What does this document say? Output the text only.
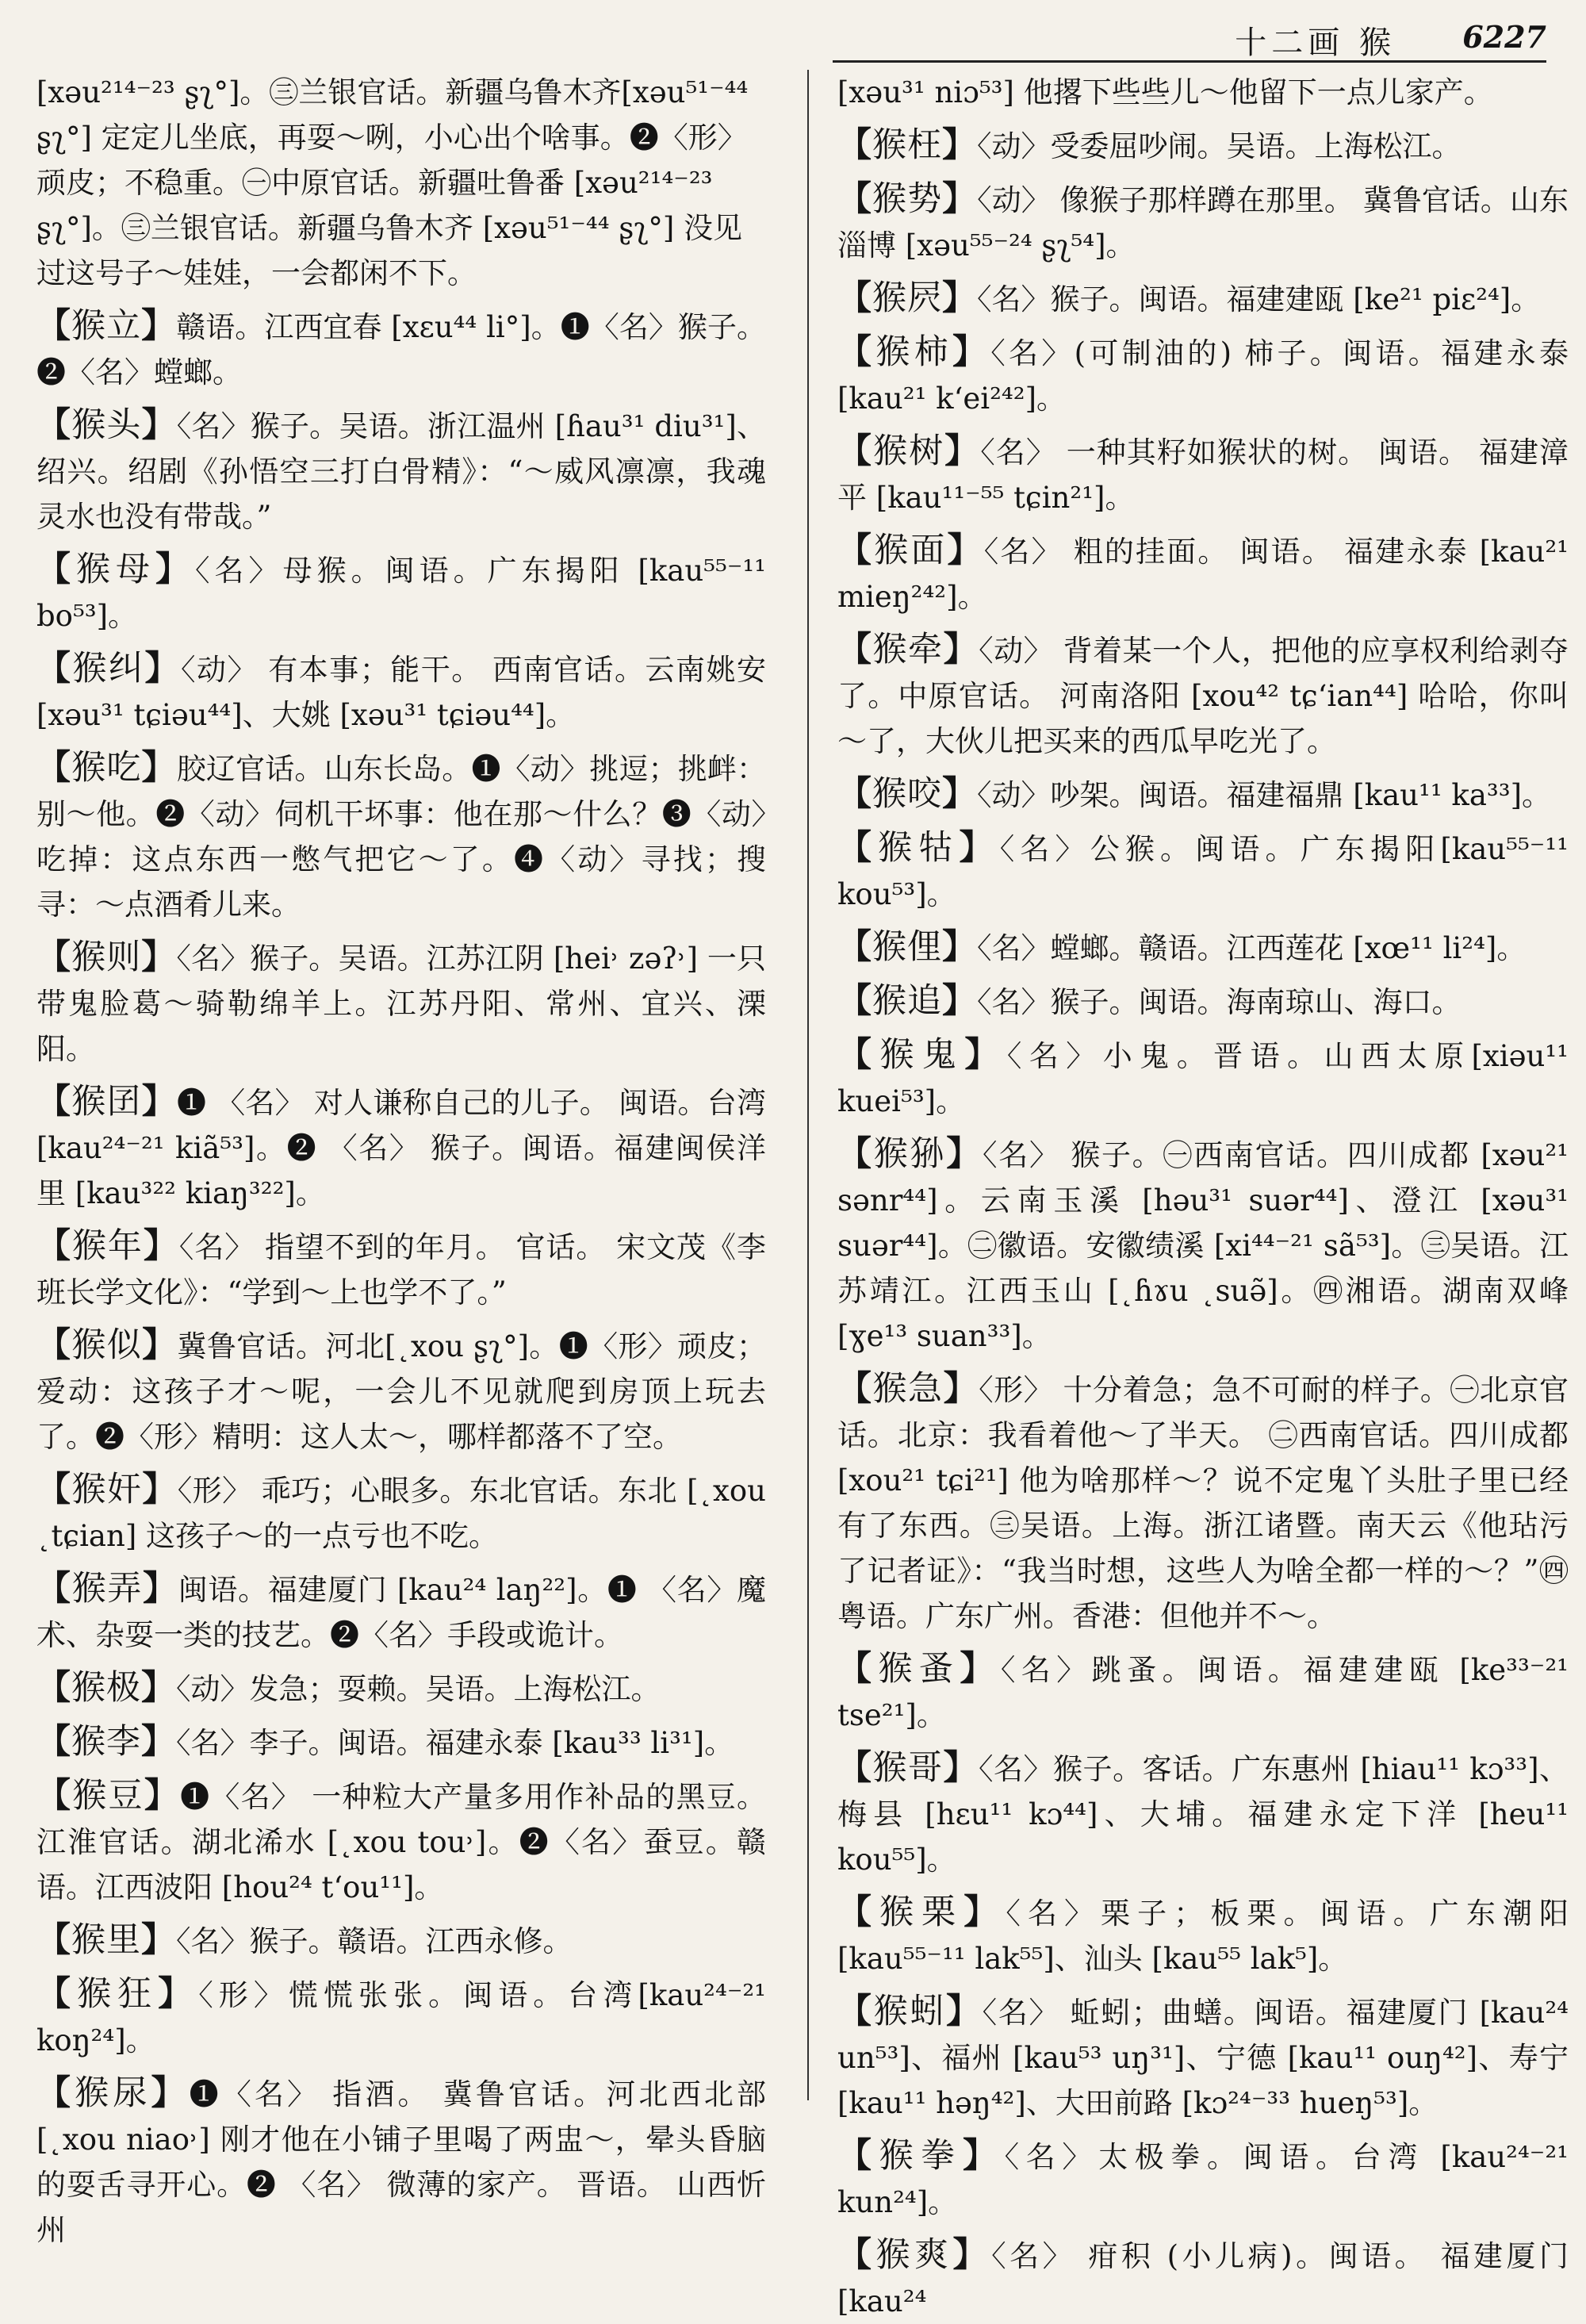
十二画 猴 6227

[xəu²¹⁴⁻²³ ʂʅ°]。㊂兰银官话。新疆乌鲁木齐[xəu⁵¹⁻⁴⁴ ʂʅ°] 定定儿坐底，再耍～咧，小心出个啥事。❷〈形〉顽皮；不稳重。㊀中原官话。新疆吐鲁番 [xəu²¹⁴⁻²³ ʂʅ°]。㊂兰银官话。新疆乌鲁木齐 [xəu⁵¹⁻⁴⁴ ʂʅ°] 没见过这号子～娃娃，一会都闲不下。

【猴立】赣语。江西宜春 [xɛu⁴⁴ li°]。❶〈名〉猴子。❷〈名〉螳螂。

【猴头】〈名〉猴子。吴语。浙江温州 [ɦau³¹ diu³¹]、绍兴。绍剧《孙悟空三打白骨精》：“～威风凛凛，我魂灵水也没有带哉。”

【猴母】〈名〉母猴。闽语。广东揭阳 [kau⁵⁵⁻¹¹ bo⁵³]。

【猴纠】〈动〉 有本事；能干。 西南官话。云南姚安 [xəu³¹ tɕiəu⁴⁴]、大姚 [xəu³¹ tɕiəu⁴⁴]。

【猴吃】胶辽官话。山东长岛。❶〈动〉挑逗；挑衅：别～他。❷〈动〉伺机干坏事：他在那～什么？❸〈动〉吃掉：这点东西一憋气把它～了。❹〈动〉寻找；搜寻：～点酒肴儿来。

【猴则】〈名〉猴子。吴语。江苏江阴 [hei˒ zəʔ˒] 一只带鬼脸葛～骑勒绵羊上。江苏丹阳、常州、宜兴、溧阳。

【猴囝】❶ 〈名〉 对人谦称自己的儿子。 闽语。台湾 [kau²⁴⁻²¹ kiã⁵³]。❷ 〈名〉 猴子。闽语。福建闽侯洋里 [kau³²² kiaŋ³²²]。

【猴年】〈名〉 指望不到的年月。 官话。 宋文茂《李班长学文化》：“学到～上也学不了。”

【猴似】冀鲁官话。河北[˛xou ʂʅ°]。❶〈形〉顽皮；爱动：这孩子才～呢，一会儿不见就爬到房顶上玩去了。❷〈形〉精明：这人太～，哪样都落不了空。

【猴奸】〈形〉 乖巧；心眼多。东北官话。东北 [˛xou ˛tɕian] 这孩子～的一点亏也不吃。

【猴弄】闽语。福建厦门 [kau²⁴ laŋ²²]。❶ 〈名〉魔术、杂耍一类的技艺。❷〈名〉手段或诡计。

【猴极】〈动〉发急；耍赖。吴语。上海松江。

【猴李】〈名〉李子。闽语。福建永泰 [kau³³ li³¹]。

【猴豆】❶〈名〉 一种粒大产量多用作补品的黑豆。江淮官话。湖北浠水 [˛xou tou˒]。❷〈名〉蚕豆。赣语。江西波阳 [hou²⁴ tʻou¹¹]。

【猴里】〈名〉猴子。赣语。江西永修。

【猴狂】〈形〉慌慌张张。闽语。台湾[kau²⁴⁻²¹ koŋ²⁴]。

【猴尿】❶〈名〉 指酒。 冀鲁官话。河北西北部 [˛xou niao˒] 刚才他在小铺子里喝了两盅～，晕头昏脑的耍舌寻开心。❷ 〈名〉 微薄的家产。 晋语。 山西忻州

[xəu³¹ niɔ⁵³] 他撂下些些儿～他留下一点儿家产。

【猴枉】〈动〉受委屈吵闹。吴语。上海松江。

【猴势】〈动〉 像猴子那样蹲在那里。 冀鲁官话。山东淄博 [xəu⁵⁵⁻²⁴ ʂʅ⁵⁴]。

【猴屄】〈名〉猴子。闽语。福建建瓯 [ke²¹ piɛ²⁴]。

【猴柿】〈名〉(可制油的) 柿子。闽语。福建永泰[kau²¹ kʻei²⁴²]。

【猴树】〈名〉 一种其籽如猴状的树。 闽语。 福建漳平 [kau¹¹⁻⁵⁵ tɕin²¹]。

【猴面】〈名〉 粗的挂面。 闽语。 福建永泰 [kau²¹ mieŋ²⁴²]。

【猴牵】〈动〉 背着某一个人，把他的应享权利给剥夺了。中原官话。 河南洛阳 [xou⁴² tɕʻian⁴⁴] 哈哈，你叫～了，大伙儿把买来的西瓜早吃光了。

【猴咬】〈动〉吵架。闽语。福建福鼎 [kau¹¹ ka³³]。

【猴牯】〈名〉公猴。闽语。广东揭阳[kau⁵⁵⁻¹¹ kou⁵³]。

【猴俚】〈名〉螳螂。赣语。江西莲花 [xœ¹¹ li²⁴]。

【猴追】〈名〉猴子。闽语。海南琼山、海口。

【猴鬼】〈名〉小鬼。晋语。山西太原[xiəu¹¹ kuei⁵³]。

【猴狲】〈名〉 猴子。㊀西南官话。四川成都 [xəu²¹ sənr⁴⁴]。云南玉溪 [həu³¹ suər⁴⁴]、澄江 [xəu³¹ suər⁴⁴]。㊁徽语。安徽绩溪 [xi⁴⁴⁻²¹ sã⁵³]。㊂吴语。江苏靖江。江西玉山 [˛ɦɤu ˛suə̃]。㊃湘语。湖南双峰 [ɣe¹³ suan³³]。

【猴急】〈形〉 十分着急；急不可耐的样子。㊀北京官话。北京：我看着他～了半天。 ㊁西南官话。四川成都 [xou²¹ tɕi²¹] 他为啥那样～？说不定鬼丫头肚子里已经有了东西。㊂吴语。上海。浙江诸暨。南天云《他玷污了记者证》：“我当时想，这些人为啥全都一样的～？”㊃粤语。广东广州。香港：但他并不～。

【猴蚤】〈名〉跳蚤。闽语。福建建瓯 [ke³³⁻²¹ tse²¹]。

【猴哥】〈名〉猴子。客话。广东惠州 [hiau¹¹ kɔ³³]、梅县 [hɛu¹¹ kɔ⁴⁴]、大埔。福建永定下洋 [heu¹¹ kou⁵⁵]。

【猴栗】〈名〉栗子；板栗。闽语。广东潮阳 [kau⁵⁵⁻¹¹ lak⁵⁵]、汕头 [kau⁵⁵ lak⁵]。

【猴蚓】〈名〉 蚯蚓；曲蟮。闽语。福建厦门 [kau²⁴ un⁵³]、福州 [kau⁵³ uŋ³¹]、宁德 [kau¹¹ ouŋ⁴²]、寿宁 [kau¹¹ həŋ⁴²]、大田前路 [kɔ²⁴⁻³³ hueŋ⁵³]。

【猴拳】〈名〉太极拳。闽语。台湾 [kau²⁴⁻²¹ kun²⁴]。

【猴爽】〈名〉 疳积 (小儿病)。闽语。 福建厦门[kau²⁴
